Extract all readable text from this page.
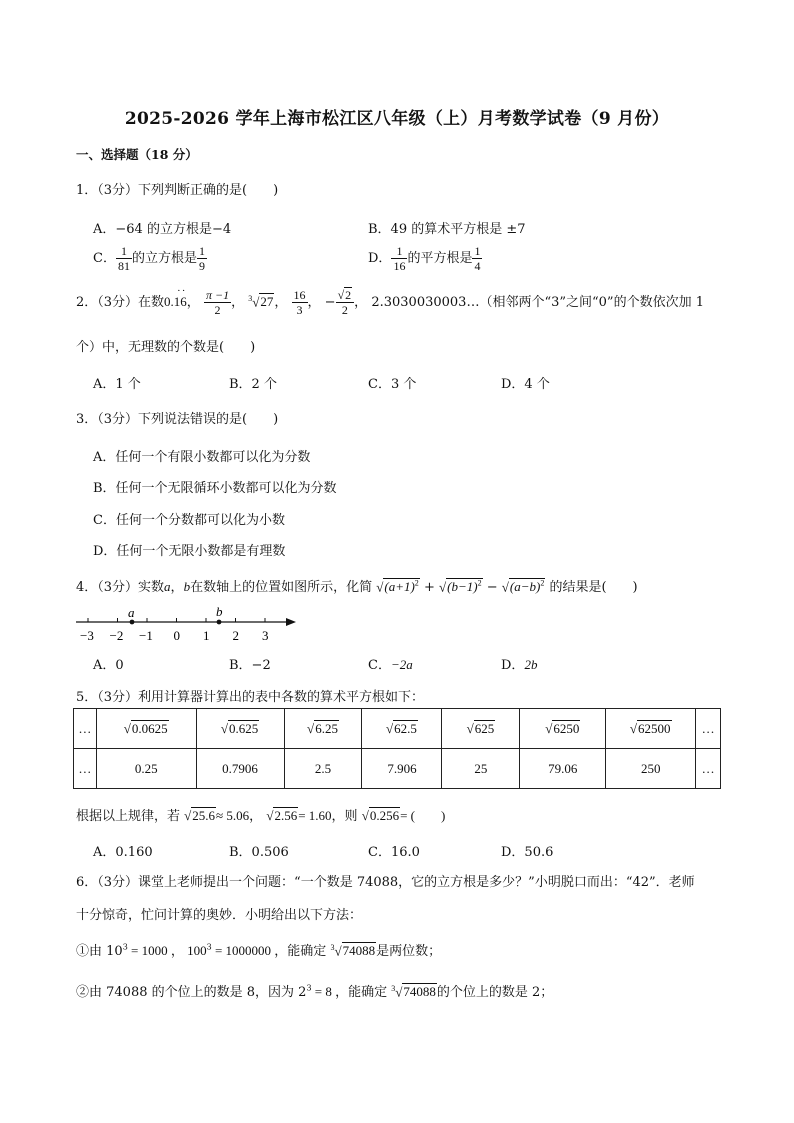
2025-2026 学年上海市松江区八年级（上）月考数学试卷（9 月份）
一、选择题（18 分）
1．（3分）下列判断正确的是(　　)
A．−64 的立方根是−4	B．49 的算术平方根是 ±7
C． $\frac{1}{81}$ 的立方根是 $\frac{1}{9}$	D． $\frac{1}{16}$ 的平方根是 $\frac{1}{4}$
2．（3分）在数0.16
··
， $\frac{\pi -1}{2}$ ， $^3$√27， $\frac{16}{3}$ ， − $\frac{√2}{2}$ ， 2.3030030003…（相邻两个“3”之间“0”的个数依次加 1
个）中，无理数的个数是(　　)
A．1 个	B．2 个	C．3 个	D．4 个
3．（3分）下列说法错误的是(　　)
A．任何一个有限小数都可以化为分数
B．任何一个无限循环小数都可以化为分数
C．任何一个分数都可以化为小数
D．任何一个无限小数都是有理数
4．（3分）实数a，b在数轴上的位置如图所示，化简 $√(a+1)^2 + √(b-1)^2 - √(a-b)^2$ 的结果是(　　)
−3 −2 −1 0 1 2 3
a	b
A．0	B．−2	C．−2a	D．2b
5．（3分）利用计算器计算出的表中各数的算术平方根如下：
…	√0.0625	√0.625	√6.25	√62.5	√625	√6250	√62500	…
…	0.25	0.7906	2.5	7.906	25	79.06	250	…
根据以上规律，若 √25.6≈ 5.06， √2.56= 1.60，则 √0.256= (　　)
A．0.160	B．0.506	C．16.0	D．50.6
6．（3分）课堂上老师提出一个问题：“一个数是 74088，它的立方根是多少？”小明脱口而出：“42”．老师
十分惊奇，忙问计算的奥妙．小明给出以下方法：
①由 $10^3 = 1000$ ， $100^3 = 1000000$ ，能确定 $^3$√74088是两位数；
②由 74088 的个位上的数是 8，因为 $2^3 = 8$ ，能确定 $^3$√74088的个位上的数是 2；
